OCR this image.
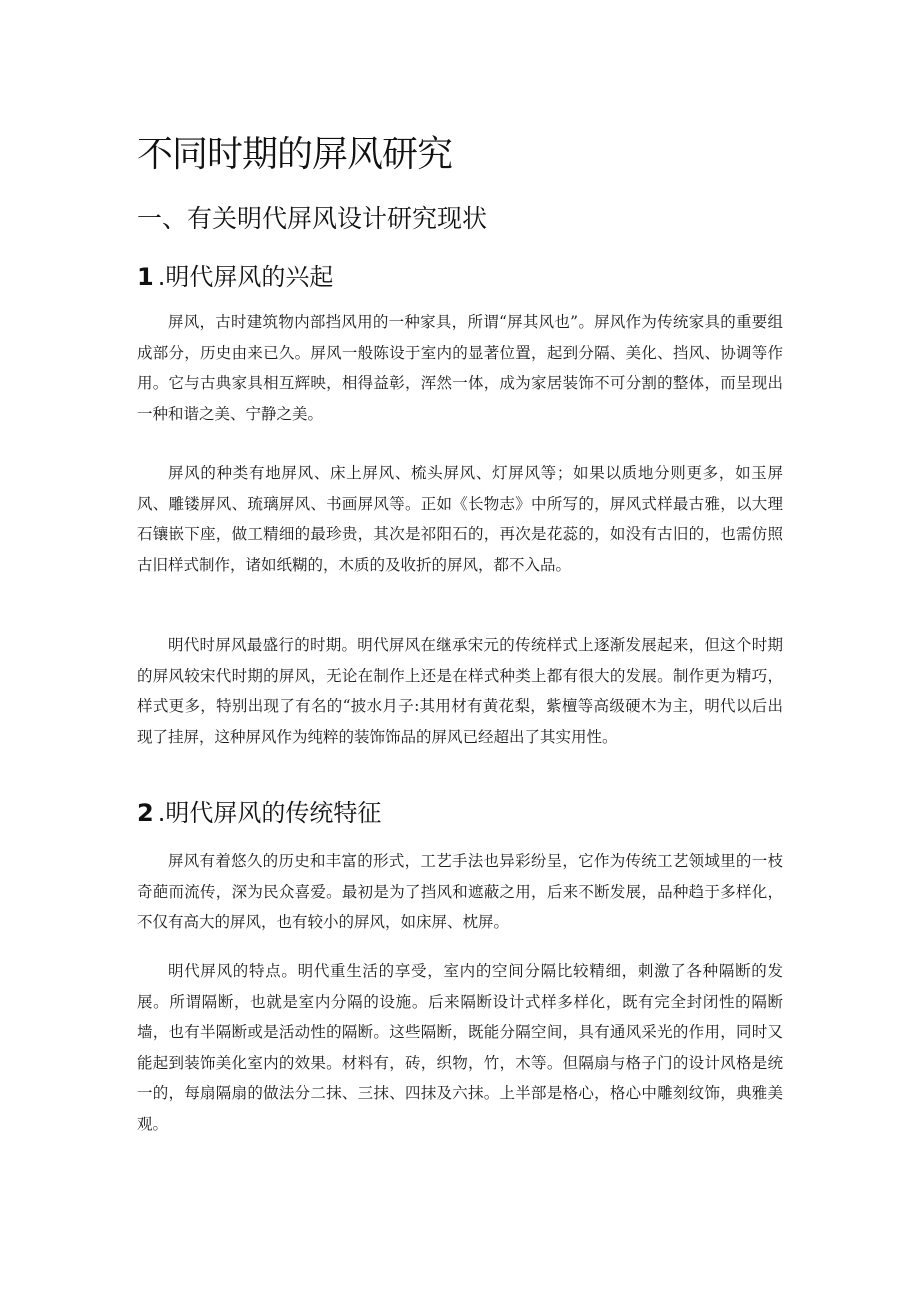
不同时期的屏风研究
一、有关明代屏风设计研究现状
1 .明代屏风的兴起

屏风，古时建筑物内部挡风用的一种家具，所谓“屏其风也”。屏风作为传统家具的重要组成部分，历史由来已久。屏风一般陈设于室内的显著位置，起到分隔、美化、挡风、协调等作用。它与古典家具相互辉映，相得益彰，浑然一体，成为家居装饰不可分割的整体，而呈现出一种和谐之美、宁静之美。

屏风的种类有地屏风、床上屏风、梳头屏风、灯屏风等；如果以质地分则更多，如玉屏风、雕镂屏风、琉璃屏风、书画屏风等。正如《长物志》中所写的，屏风式样最古雅，以大理石镶嵌下座，做工精细的最珍贵，其次是祁阳石的，再次是花蕊的，如没有古旧的，也需仿照古旧样式制作，诸如纸糊的，木质的及收折的屏风，都不入品。

明代时屏风最盛行的时期。明代屏风在继承宋元的传统样式上逐渐发展起来，但这个时期的屏风较宋代时期的屏风，无论在制作上还是在样式种类上都有很大的发展。制作更为精巧，样式更多，特别出现了有名的“披水月子:其用材有黄花梨，紫檀等高级硬木为主，明代以后出现了挂屏，这种屏风作为纯粹的装饰饰品的屏风已经超出了其实用性。

2 .明代屏风的传统特征

屏风有着悠久的历史和丰富的形式，工艺手法也异彩纷呈，它作为传统工艺领域里的一枝奇葩而流传，深为民众喜爱。最初是为了挡风和遮蔽之用，后来不断发展，品种趋于多样化，不仅有高大的屏风，也有较小的屏风，如床屏、枕屏。

明代屏风的特点。明代重生活的享受，室内的空间分隔比较精细，刺激了各种隔断的发展。所谓隔断，也就是室内分隔的设施。后来隔断设计式样多样化，既有完全封闭性的隔断墙，也有半隔断或是活动性的隔断。这些隔断，既能分隔空间，具有通风采光的作用，同时又能起到装饰美化室内的效果。材料有，砖，织物，竹，木等。但隔扇与格子门的设计风格是统一的，每扇隔扇的做法分二抹、三抹、四抹及六抹。上半部是格心，格心中雕刻纹饰，典雅美观。
